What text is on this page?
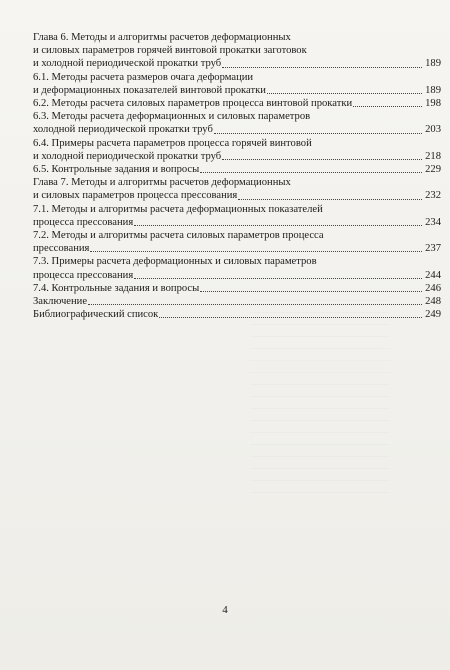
Глава 6. Методы и алгоритмы расчетов деформационных
и силовых параметров горячей винтовой прокатки заготовок
и холодной периодической прокатки труб	189
6.1. Методы расчета размеров очага деформации
и деформационных показателей винтовой прокатки	189
6.2. Методы расчета силовых параметров процесса винтовой прокатки	198
6.3. Методы расчета деформационных и силовых параметров
холодной периодической прокатки труб	203
6.4. Примеры расчета параметров процесса горячей винтовой
и холодной периодической прокатки труб	218
6.5. Контрольные задания и вопросы	229
Глава 7. Методы и алгоритмы расчетов деформационных
и силовых параметров процесса прессования	232
7.1. Методы и алгоритмы расчета деформационных показателей
процесса прессования	234
7.2. Методы и алгоритмы расчета силовых параметров процесса
прессования	237
7.3. Примеры расчета деформационных и силовых параметров
процесса прессования	244
7.4. Контрольные задания и вопросы	246
Заключение	248
Библиографический список	249
4
